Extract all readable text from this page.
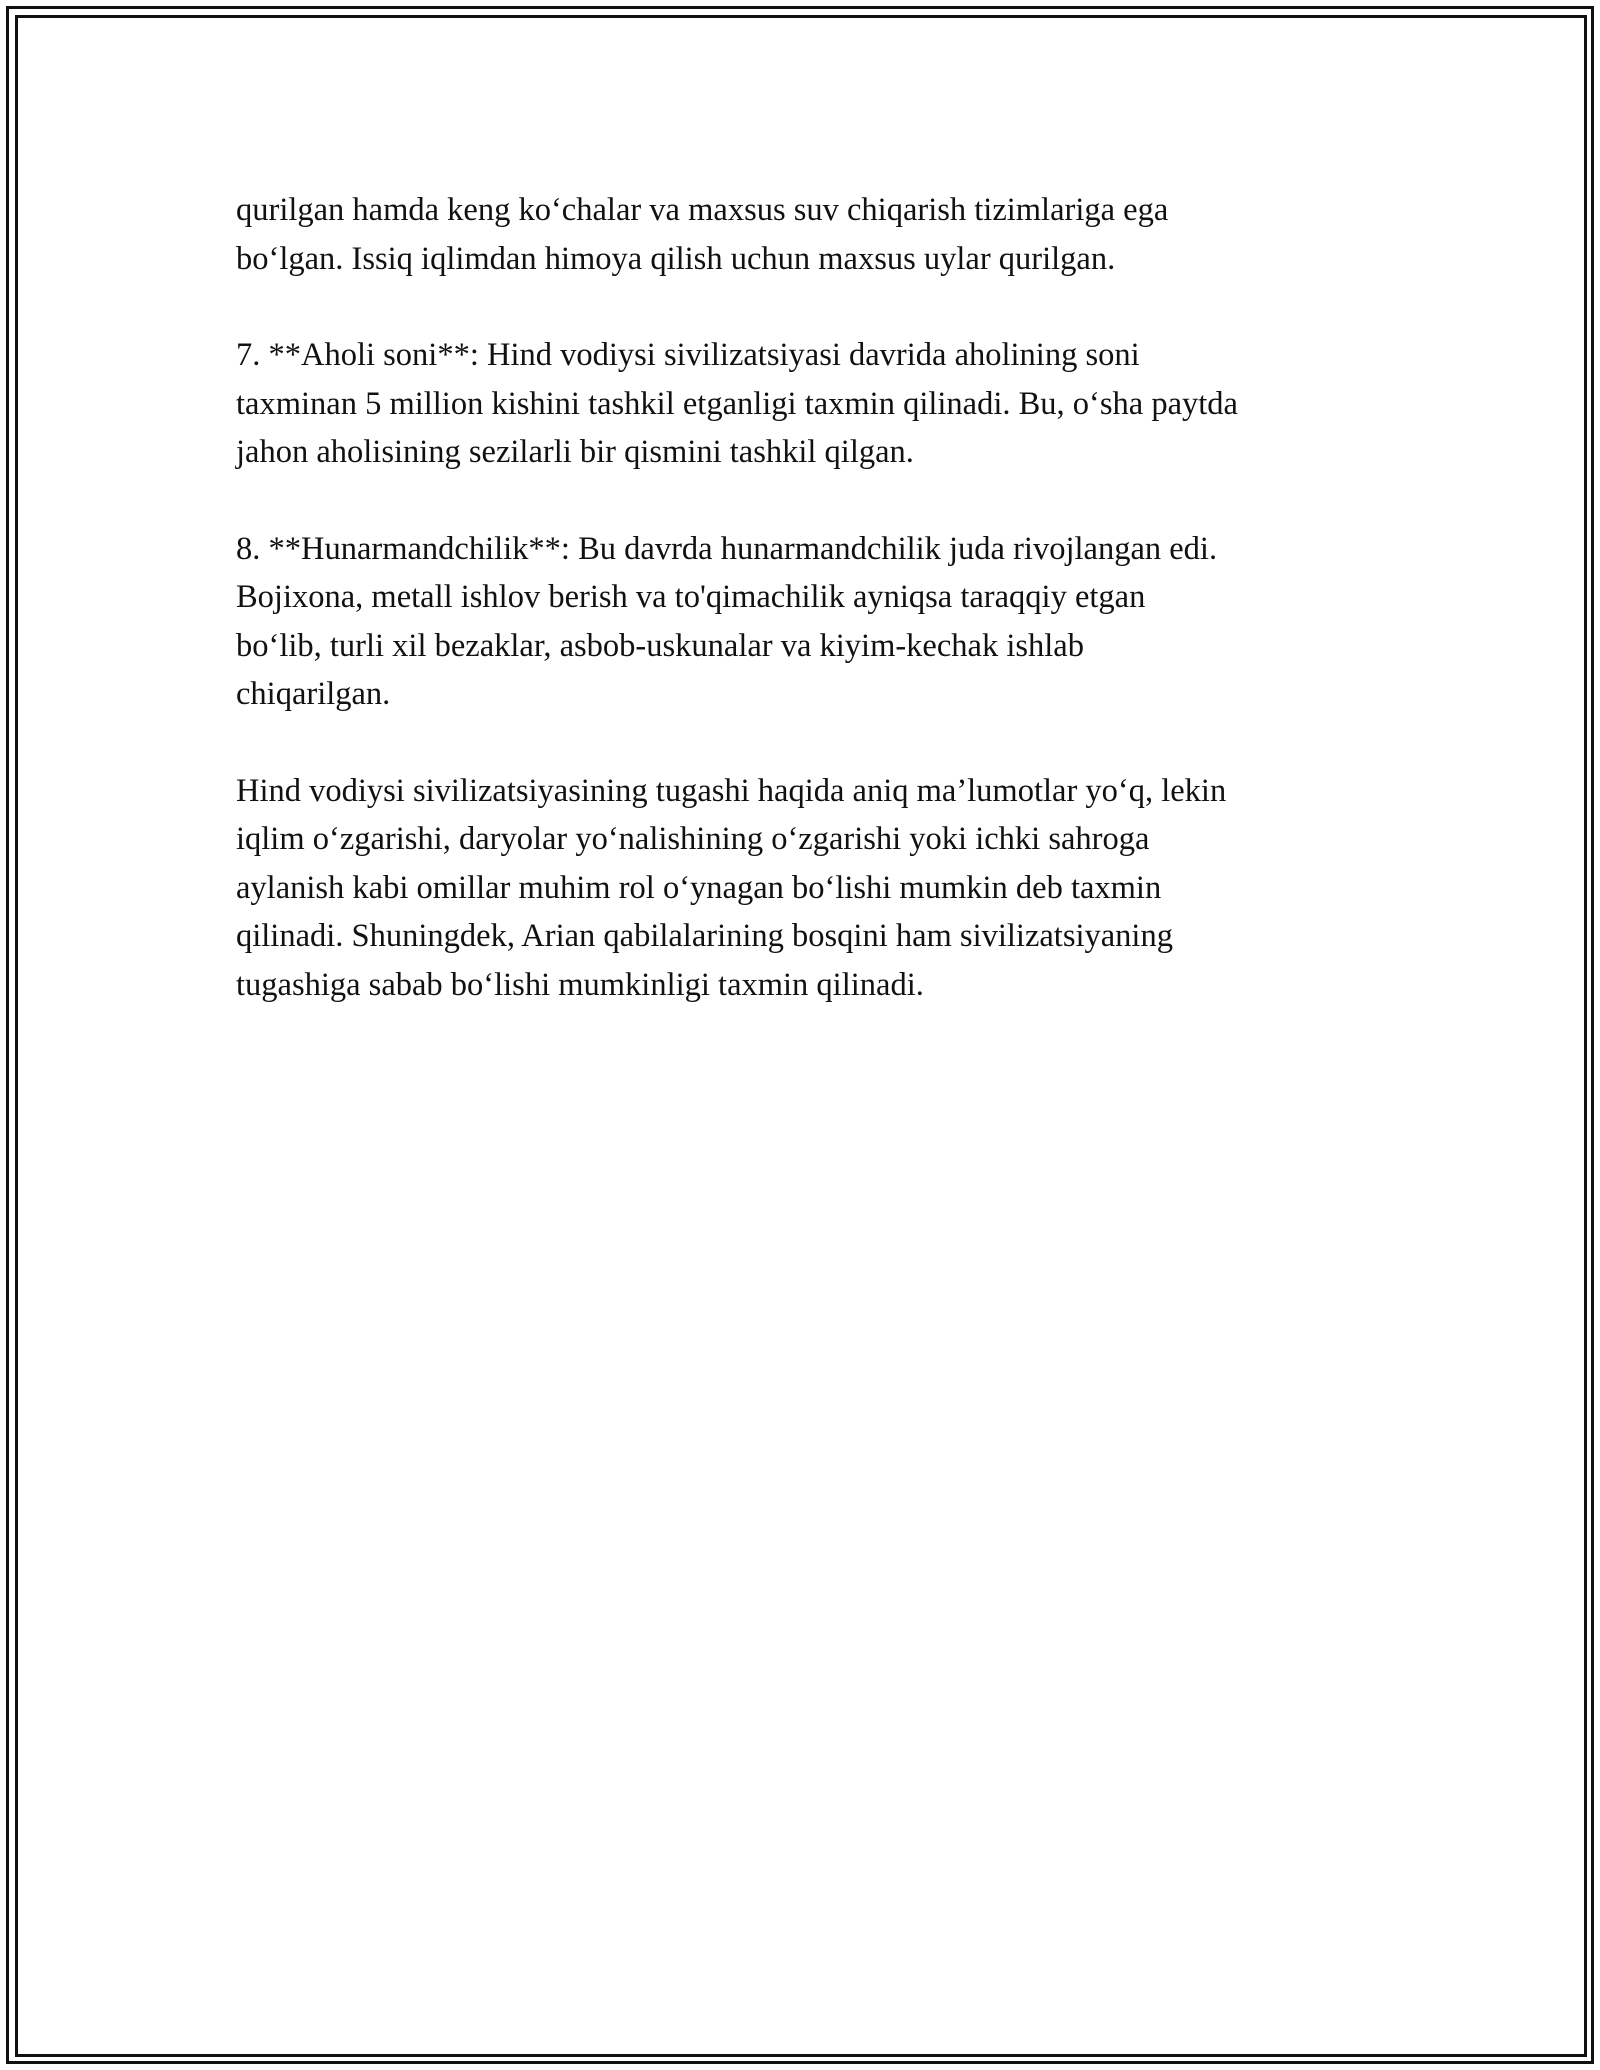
qurilgan hamda keng ko‘chalar va maxsus suv chiqarish tizimlariga ega
bo‘lgan. Issiq iqlimdan himoya qilish uchun maxsus uylar qurilgan.

7. **Aholi soni**: Hind vodiysi sivilizatsiyasi davrida aholining soni
taxminan 5 million kishini tashkil etganligi taxmin qilinadi. Bu, o‘sha paytda
jahon aholisining sezilarli bir qismini tashkil qilgan.

8. **Hunarmandchilik**: Bu davrda hunarmandchilik juda rivojlangan edi.
Bojixona, metall ishlov berish va to'qimachilik ayniqsa taraqqiy etgan
bo‘lib, turli xil bezaklar, asbob-uskunalar va kiyim-kechak ishlab
chiqarilgan.

Hind vodiysi sivilizatsiyasining tugashi haqida aniq ma’lumotlar yo‘q, lekin
iqlim o‘zgarishi, daryolar yo‘nalishining o‘zgarishi yoki ichki sahroga
aylanish kabi omillar muhim rol o‘ynagan bo‘lishi mumkin deb taxmin
qilinadi. Shuningdek, Arian qabilalarining bosqini ham sivilizatsiyaning
tugashiga sabab bo‘lishi mumkinligi taxmin qilinadi.
